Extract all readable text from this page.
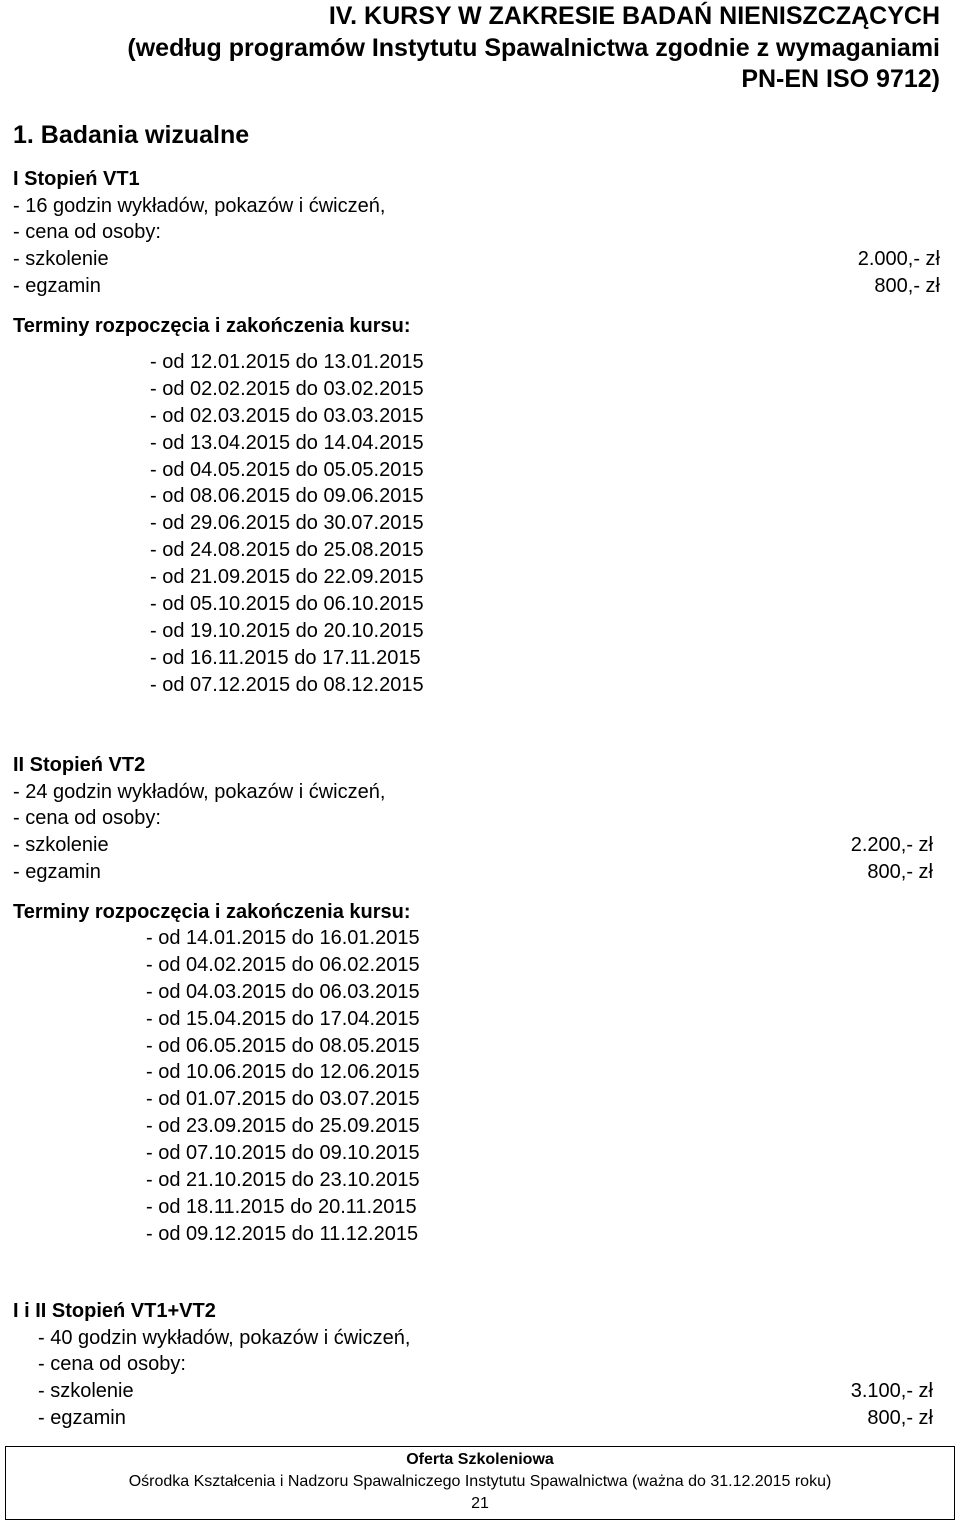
IV. KURSY W ZAKRESIE BADAŃ NIENISZCZĄCYCH
(według programów Instytutu Spawalnictwa zgodnie z wymaganiami
PN-EN ISO 9712)
1. Badania wizualne
I Stopień VT1
- 16 godzin wykładów, pokazów i ćwiczeń,
- cena od osoby:
- szkolenie	2.000,- zł
- egzamin	800,- zł
Terminy rozpoczęcia i zakończenia kursu:
- od 12.01.2015 do 13.01.2015
- od 02.02.2015 do 03.02.2015
- od 02.03.2015 do 03.03.2015
- od 13.04.2015 do 14.04.2015
- od 04.05.2015 do 05.05.2015
- od 08.06.2015 do 09.06.2015
- od 29.06.2015 do 30.07.2015
- od 24.08.2015 do 25.08.2015
- od 21.09.2015 do 22.09.2015
- od 05.10.2015 do 06.10.2015
- od 19.10.2015 do 20.10.2015
- od 16.11.2015 do 17.11.2015
- od 07.12.2015 do 08.12.2015
II Stopień VT2
- 24 godzin wykładów, pokazów i ćwiczeń,
- cena od osoby:
- szkolenie	2.200,- zł
- egzamin	800,- zł
Terminy rozpoczęcia i zakończenia kursu:
- od 14.01.2015 do 16.01.2015
- od 04.02.2015 do 06.02.2015
- od 04.03.2015 do 06.03.2015
- od 15.04.2015 do 17.04.2015
- od 06.05.2015 do 08.05.2015
- od 10.06.2015 do 12.06.2015
- od 01.07.2015 do 03.07.2015
- od 23.09.2015 do 25.09.2015
- od 07.10.2015 do 09.10.2015
- od 21.10.2015 do 23.10.2015
- od 18.11.2015 do 20.11.2015
- od 09.12.2015 do 11.12.2015
I i II Stopień VT1+VT2
- 40 godzin wykładów, pokazów i ćwiczeń,
- cena od osoby:
- szkolenie	3.100,- zł
- egzamin	800,- zł
Oferta Szkoleniowa
Ośrodka Kształcenia i Nadzoru Spawalniczego Instytutu Spawalnictwa (ważna do 31.12.2015 roku)
21
